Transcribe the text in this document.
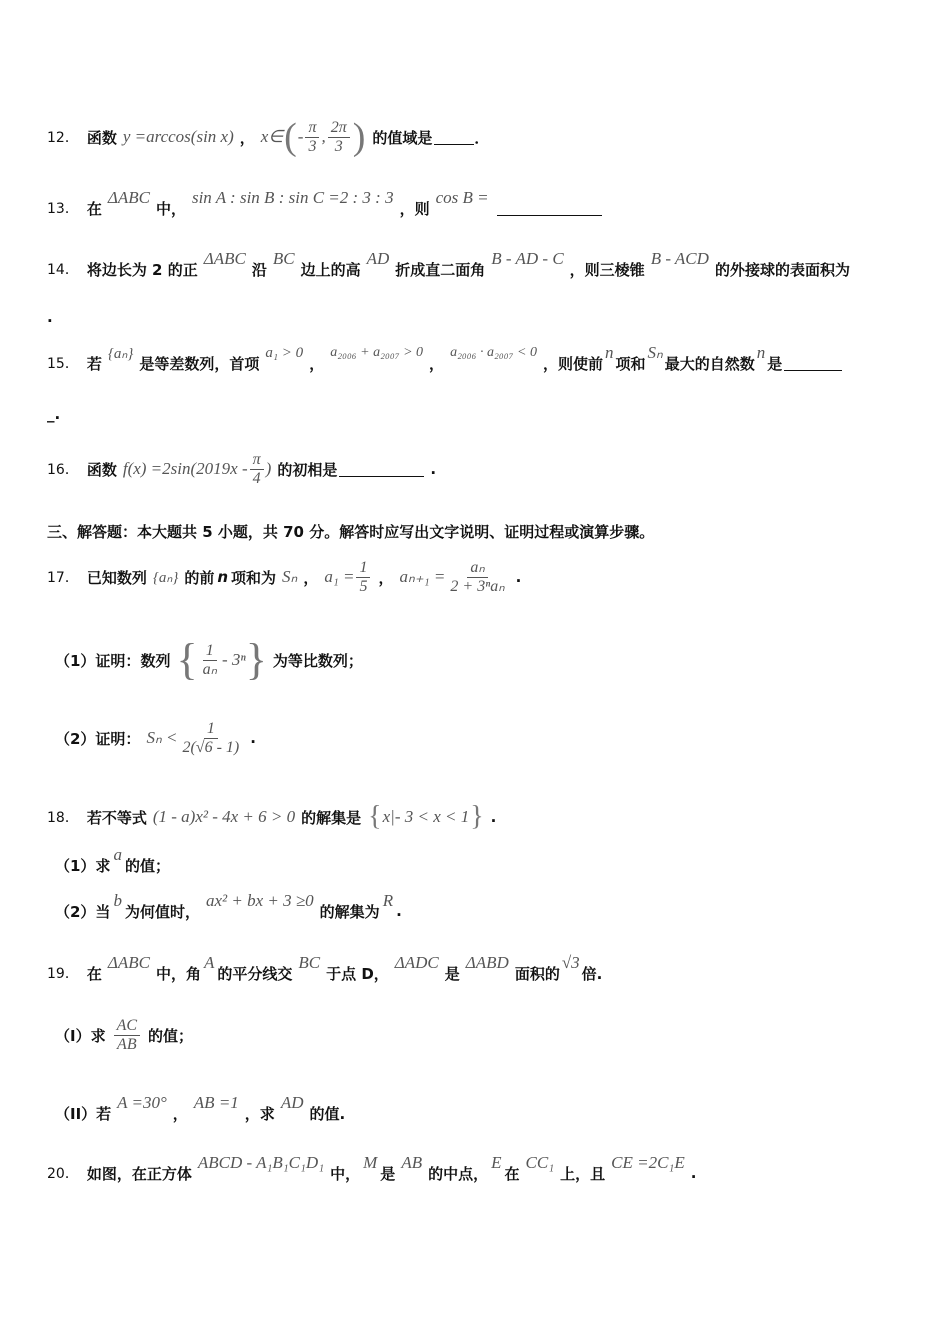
12． 函数 y =arccos(sin x) ， x∈ ( - $\frac{\pi}{3}$ , $\frac{2\pi}{3}$ ) 的值域是	．
13． 在
ΔABC
中，
sin A : sin B : sin C =2 : 3 : 3
，则
cos B =
14． 将边长为 2 的正
ΔABC
沿
BC
边上的高
AD
折成直二面角
B - AD - C
，则三棱锥
B - ACD
的外接球的表面积为
.
15． 若
{aₙ}
是等差数列，首项
a₁ > 0
，
a₂₀₀₆ + a₂₀₀₇ > 0
，
a₂₀₀₆ · a₂₀₀₇ < 0
，则使前
n
项和
Sₙ
最大的自然数
n
是
_.
16． 函数 $f(x) =2\sin(2019x - \frac{\pi}{4}$ ) 的初相是	.
三、解答题：本大题共 5 小题，共 70 分。解答时应写出文字说明、证明过程或演算步骤。
17． 已知数列 {aₙ} 的前 n 项和为 Sₙ ， $a_1 = \frac{1}{5}$ ， $a_{n+1} = \frac{\text{aₙ}}{\text{2 + 3ⁿaₙ}}$ .
（1）证明：数列 { $\frac{1}{\text{aₙ}} - 3^n$ } 为等比数列；
（2）证明： $S_n < \frac{1}{2(√6 - 1)}$ .
18． 若不等式 (1 - a)x² - 4x + 6 > 0 的解集是 { x|- 3 < x < 1 } .
（1）求
a
的值；
（2）当
b
为何值时，
ax² + bx + 3 ≥0
的解集为
R
.
19． 在
ΔABC
中，角
A
的平分线交
BC
于点 D，
ΔADC
是
ΔABD
面积的
√3
倍.
（I）求 $\frac{AC}{AB}$ 的值；
（II）若
A =30°
，
AB =1
，求
AD
的值.
20． 如图，在正方体
ABCD - A₁B₁C₁D₁
中，
M
是
AB
的中点，
E
在
CC₁
上，且
CE =2C₁E
.
